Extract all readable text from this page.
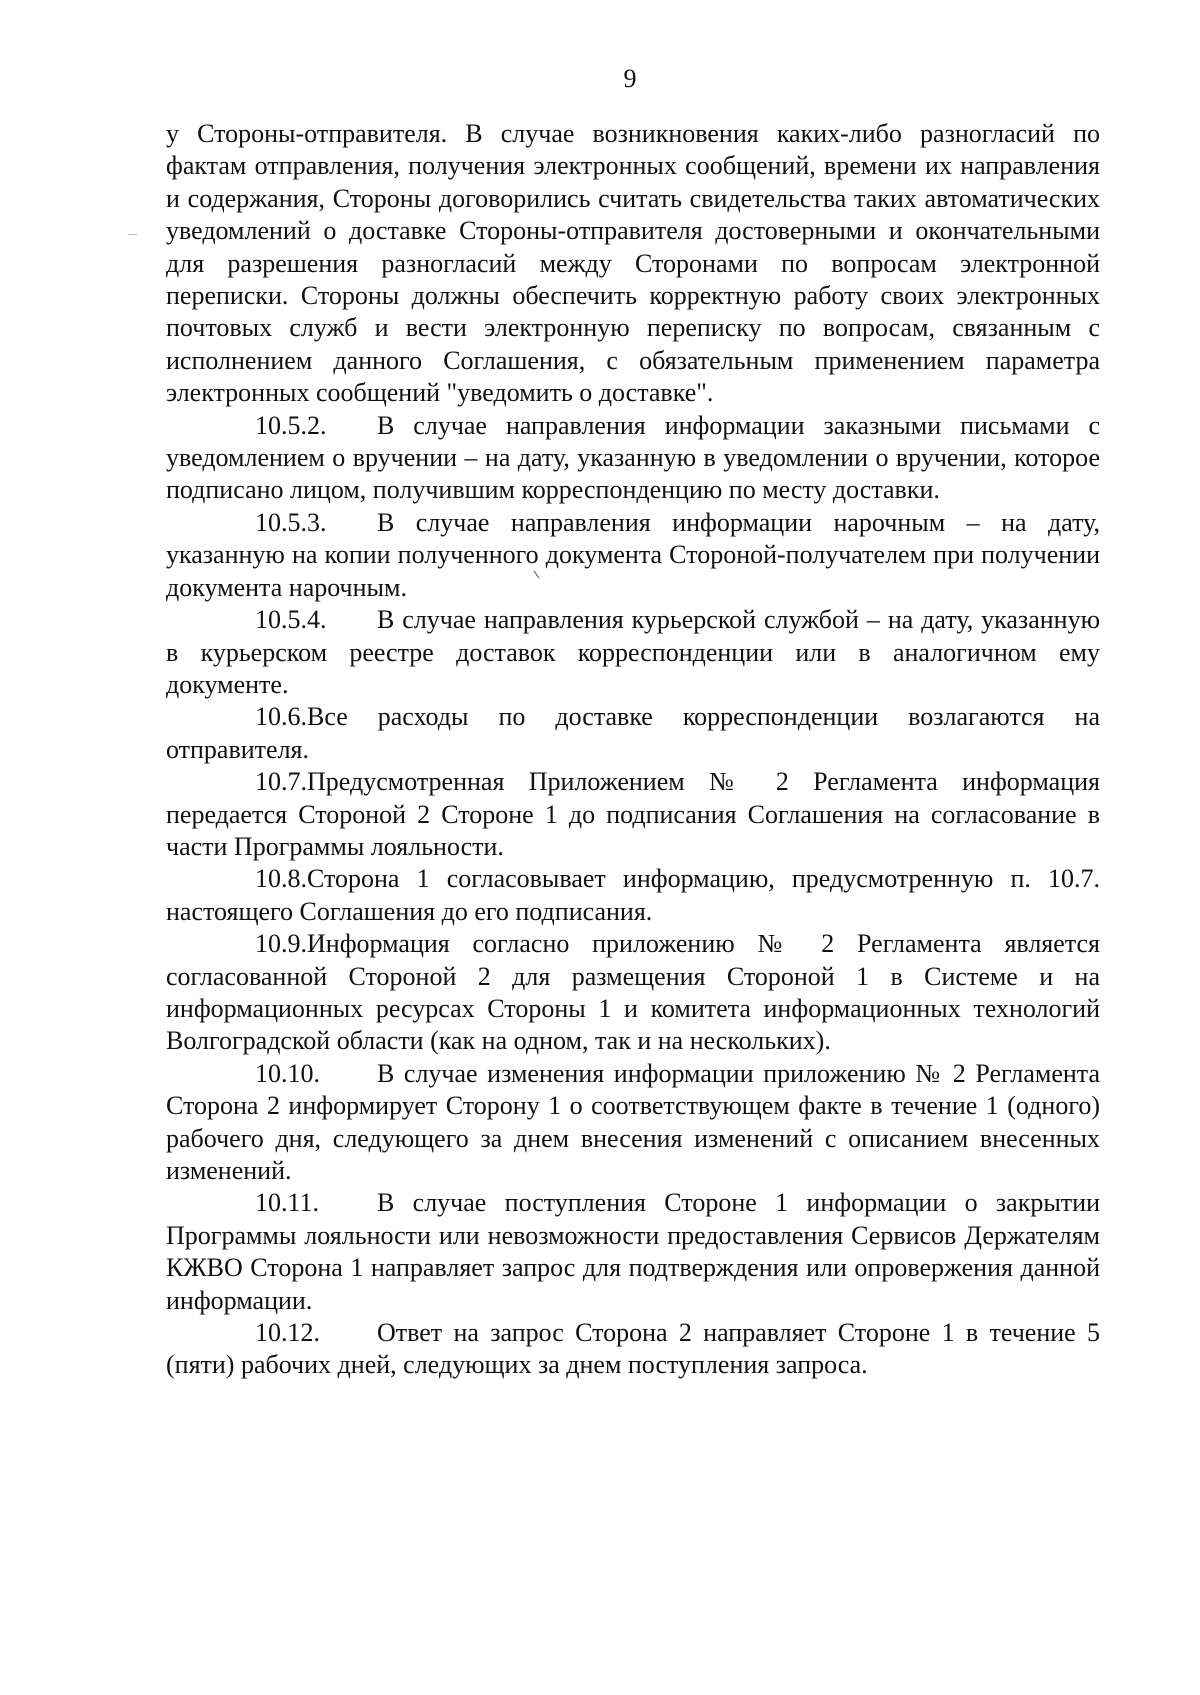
9

у Стороны-отправителя. В случае возникновения каких-либо разногласий по фактам отправления, получения электронных сообщений, времени их направления и содержания, Стороны договорились считать свидетельства таких автоматических уведомлений о доставке Стороны-отправителя достоверными и окончательными для разрешения разногласий между Сторонами по вопросам электронной переписки. Стороны должны обеспечить корректную работу своих электронных почтовых служб и вести электронную переписку по вопросам, связанным с исполнением данного Соглашения, с обязательным применением параметра электронных сообщений "уведомить о доставке".

10.5.2. В случае направления информации заказными письмами с уведомлением о вручении – на дату, указанную в уведомлении о вручении, которое подписано лицом, получившим корреспонденцию по месту доставки.

10.5.3. В случае направления информации нарочным – на дату, указанную на копии полученного документа Стороной-получателем при получении документа нарочным.

10.5.4. В случае направления курьерской службой – на дату, указанную в курьерском реестре доставок корреспонденции или в аналогичном ему документе.

10.6.Все расходы по доставке корреспонденции возлагаются на отправителя.

10.7.Предусмотренная Приложением № 2 Регламента информация передается Стороной 2 Стороне 1 до подписания Соглашения на согласование в части Программы лояльности.

10.8.Сторона 1 согласовывает информацию, предусмотренную п. 10.7. настоящего Соглашения до его подписания.

10.9.Информация согласно приложению № 2 Регламента является согласованной Стороной 2 для размещения Стороной 1 в Системе и на информационных ресурсах Стороны 1 и комитета информационных технологий Волгоградской области (как на одном, так и на нескольких).

10.10. В случае изменения информации приложению № 2 Регламента Сторона 2 информирует Сторону 1 о соответствующем факте в течение 1 (одного) рабочего дня, следующего за днем внесения изменений с описанием внесенных изменений.

10.11. В случае поступления Стороне 1 информации о закрытии Программы лояльности или невозможности предоставления Сервисов Держателям КЖВО Сторона 1 направляет запрос для подтверждения или опровержения данной информации.

10.12. Ответ на запрос Сторона 2 направляет Стороне 1 в течение 5 (пяти) рабочих дней, следующих за днем поступления запроса.
